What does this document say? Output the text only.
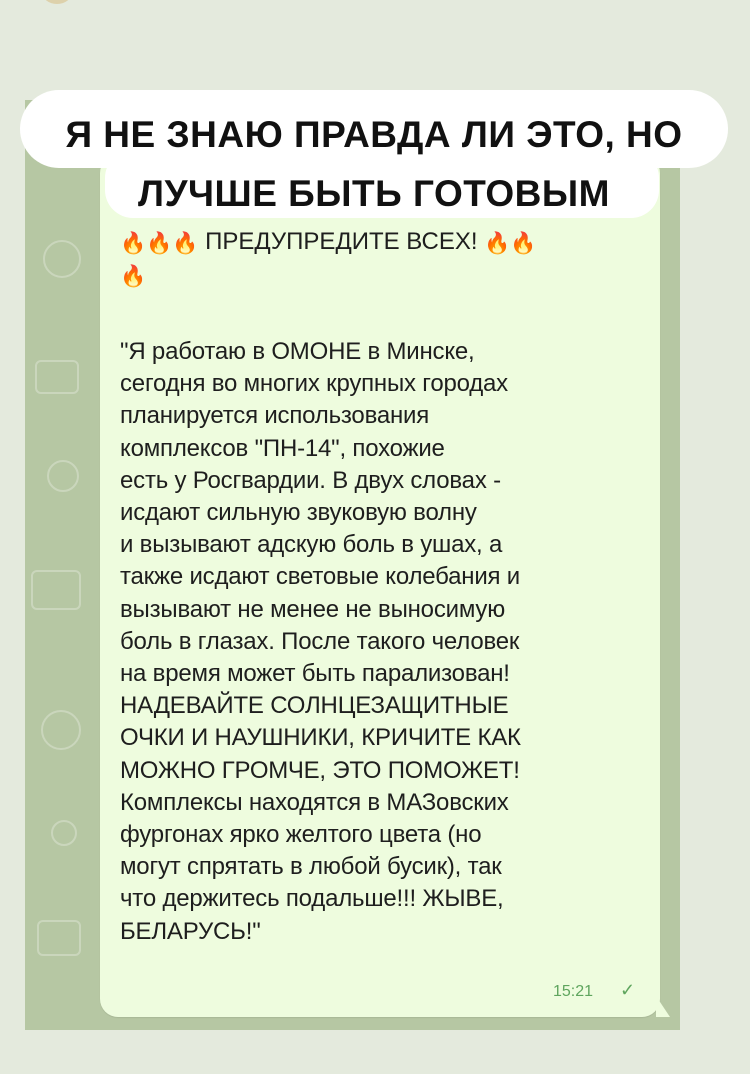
🔥🔥🔥 ПРЕДУПРЕДИТЕ ВСЕХ! 🔥🔥
🔥
"Я работаю в ОМОНЕ в Минске,
сегодня во многих крупных городах
планируется использования
комплексов "ПН-14", похожие
есть у Росгвардии. В двух словах -
исдают сильную звуковую волну
и вызывают адскую боль в ушах, а
также исдают световые колебания и
вызывают не менее не выносимую
боль в глазах. После такого человек
на время может быть парализован!
НАДЕВАЙТЕ СОЛНЦЕЗАЩИТНЫЕ
ОЧКИ И НАУШНИКИ, КРИЧИТЕ КАК
МОЖНО ГРОМЧЕ, ЭТО ПОМОЖЕТ!
Комплексы находятся в МАЗовских
фургонах ярко желтого цвета (но
могут спрятать в любой бусик), так
что держитесь подальше!!! ЖЫВЕ,
БЕЛАРУСЬ!"
15:21 ✓
Я НЕ ЗНАЮ ПРАВДА ЛИ ЭТО, НО ЛУЧШЕ БЫТЬ ГОТОВЫМ
